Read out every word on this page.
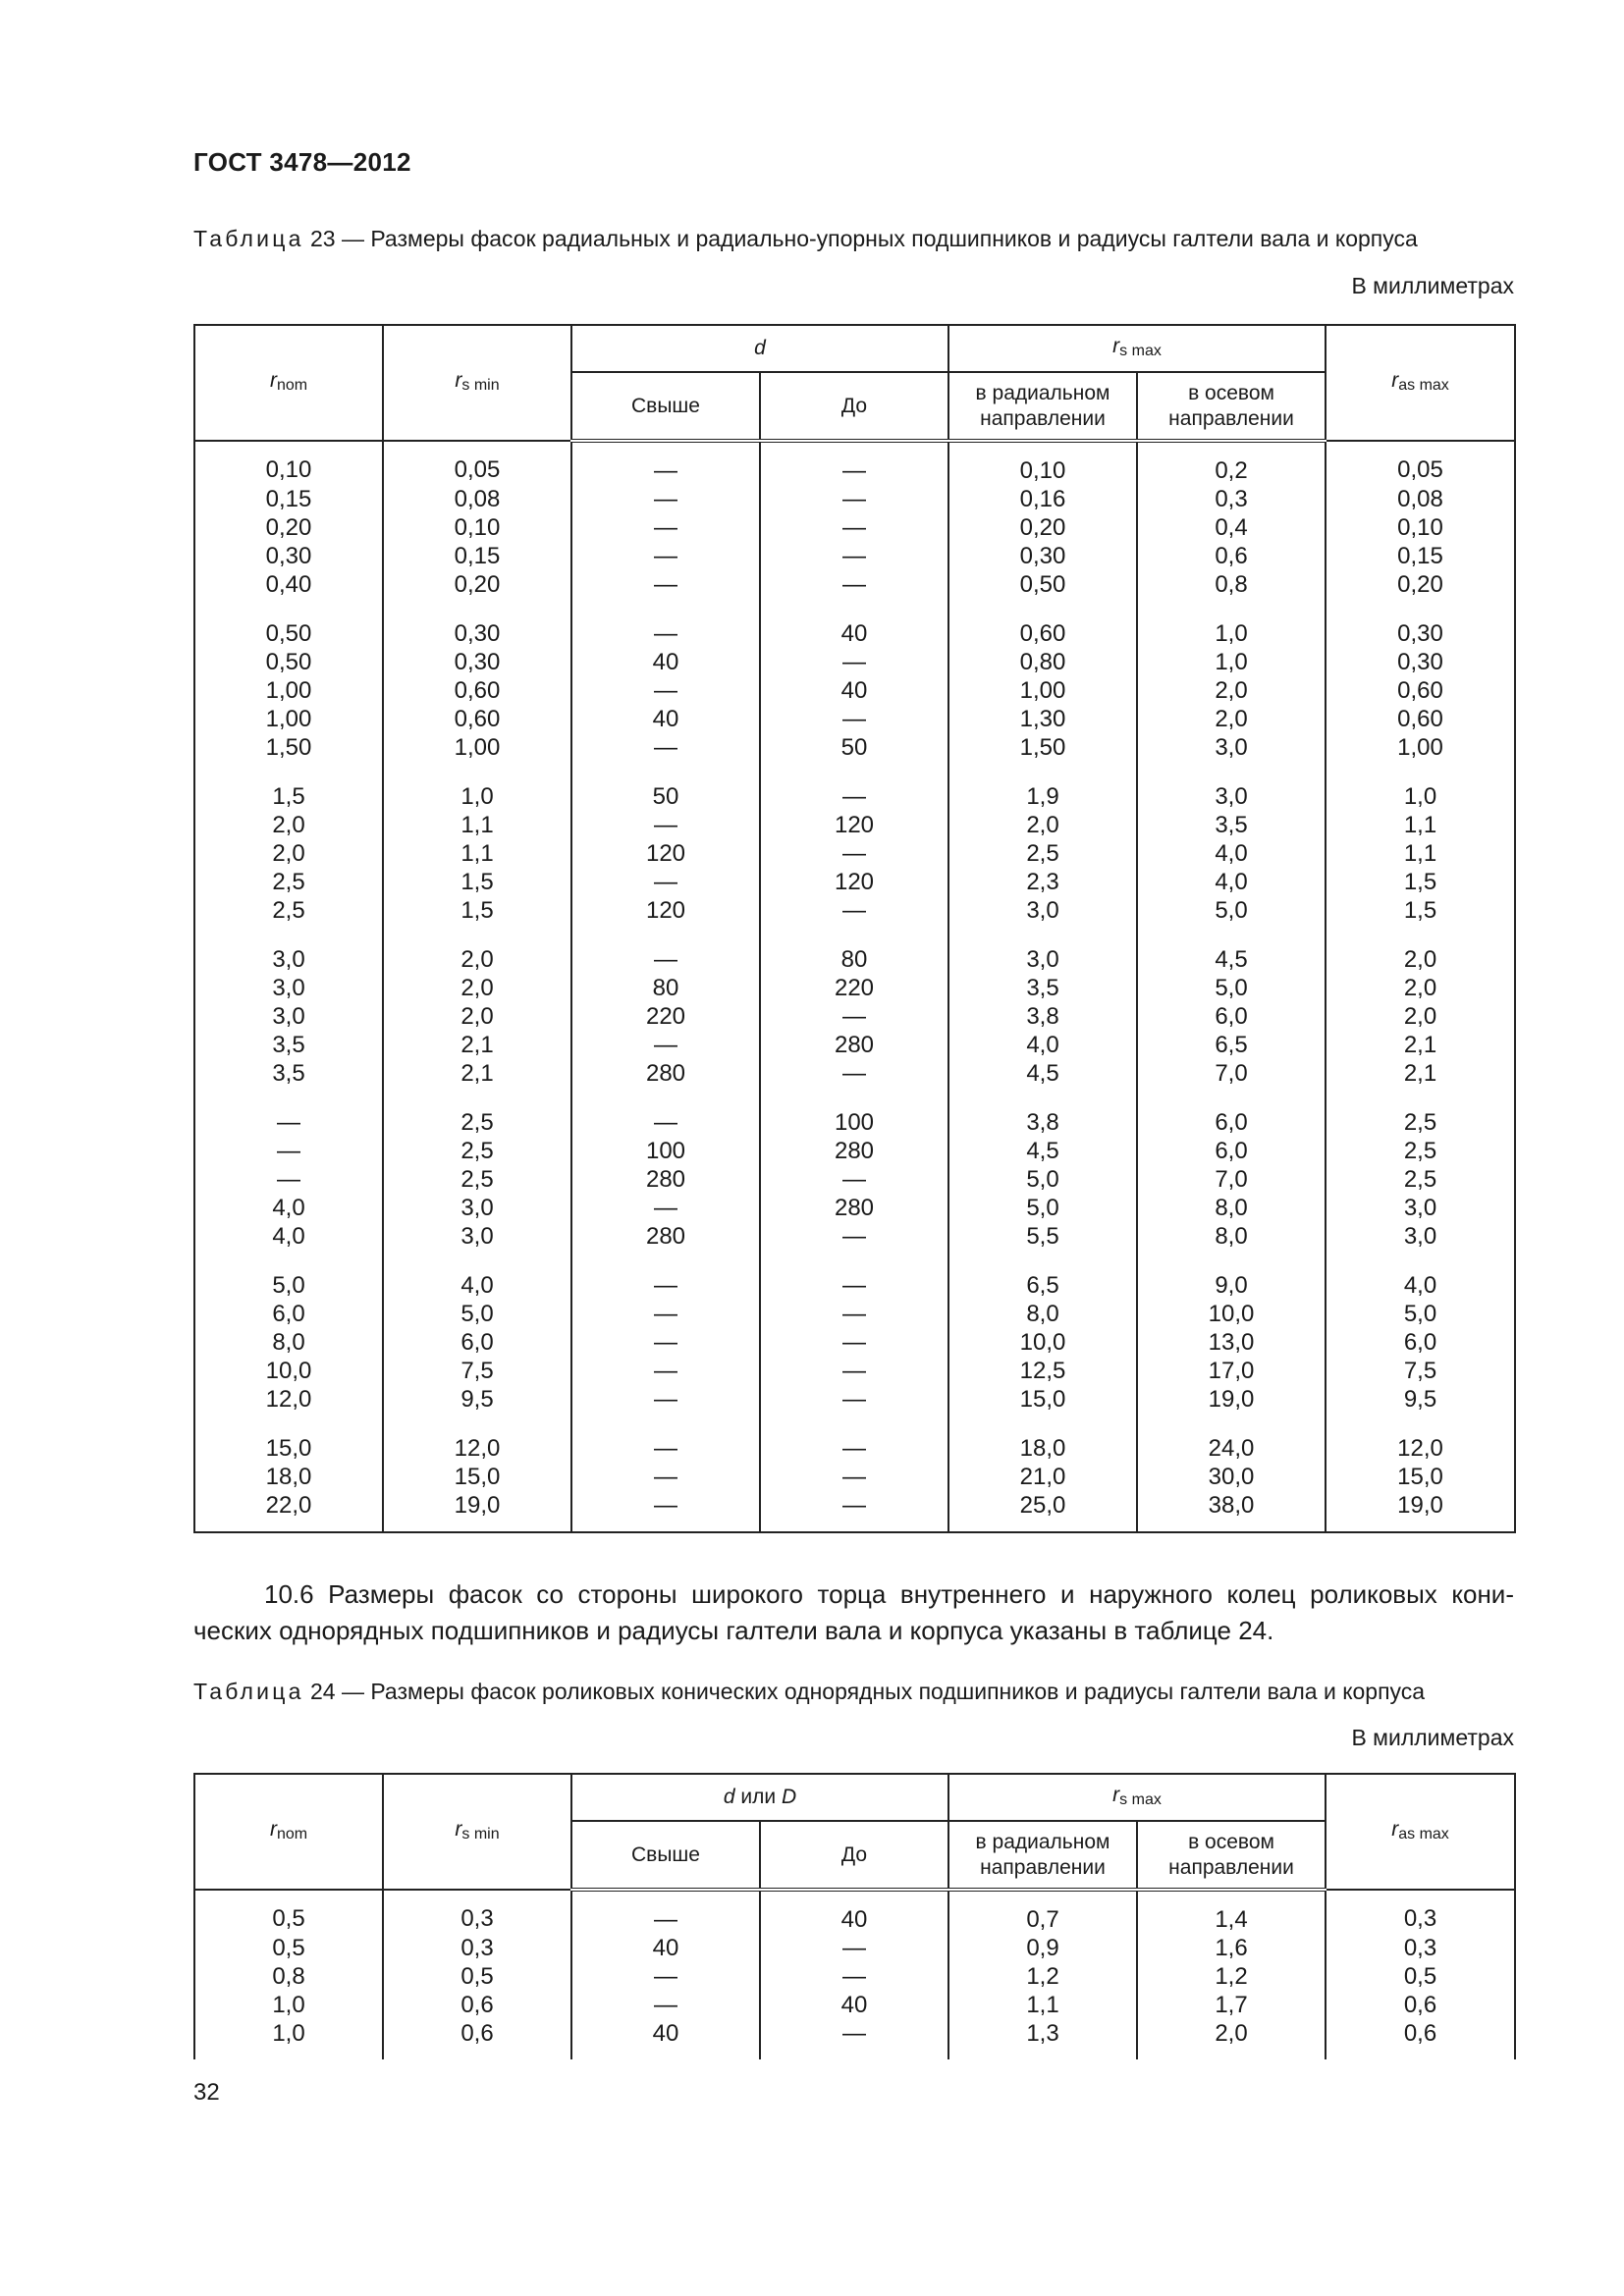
ГОСТ 3478—2012
Таблица 23 — Размеры фасок радиальных и радиально-упорных подшипников и радиусы галтели вала и корпуса
В миллиметрах
rnom	rs min	d		rs max		ras max
		Свыше	До	в радиальном направлении	в осевом направлении	
0,10	0,05	—	—	0,10	0,2	0,05
0,15	0,08	—	—	0,16	0,3	0,08
0,20	0,10	—	—	0,20	0,4	0,10
0,30	0,15	—	—	0,30	0,6	0,15
0,40	0,20	—	—	0,50	0,8	0,20
0,50	0,30	—	40	0,60	1,0	0,30
0,50	0,30	40	—	0,80	1,0	0,30
1,00	0,60	—	40	1,00	2,0	0,60
1,00	0,60	40	—	1,30	2,0	0,60
1,50	1,00	—	50	1,50	3,0	1,00
1,5	1,0	50	—	1,9	3,0	1,0
2,0	1,1	—	120	2,0	3,5	1,1
2,0	1,1	120	—	2,5	4,0	1,1
2,5	1,5	—	120	2,3	4,0	1,5
2,5	1,5	120	—	3,0	5,0	1,5
3,0	2,0	—	80	3,0	4,5	2,0
3,0	2,0	80	220	3,5	5,0	2,0
3,0	2,0	220	—	3,8	6,0	2,0
3,5	2,1	—	280	4,0	6,5	2,1
3,5	2,1	280	—	4,5	7,0	2,1
—	2,5	—	100	3,8	6,0	2,5
—	2,5	100	280	4,5	6,0	2,5
—	2,5	280	—	5,0	7,0	2,5
4,0	3,0	—	280	5,0	8,0	3,0
4,0	3,0	280	—	5,5	8,0	3,0
5,0	4,0	—	—	6,5	9,0	4,0
6,0	5,0	—	—	8,0	10,0	5,0
8,0	6,0	—	—	10,0	13,0	6,0
10,0	7,5	—	—	12,5	17,0	7,5
12,0	9,5	—	—	15,0	19,0	9,5
15,0	12,0	—	—	18,0	24,0	12,0
18,0	15,0	—	—	21,0	30,0	15,0
22,0	19,0	—	—	25,0	38,0	19,0

10.6 Размеры фасок со стороны широкого торца внутреннего и наружного колец роликовых кони-

ческих однорядных подшипников и радиусы галтели вала и корпуса указаны в таблице 24.

Таблица 24 — Размеры фасок роликовых конических однорядных подшипников и радиусы галтели вала и корпуса
В миллиметрах
rnom	rs min	d или D		rs max		ras max
		Свыше	До	в радиальном направлении	в осевом направлении	
0,5	0,3	—	40	0,7	1,4	0,3
0,5	0,3	40	—	0,9	1,6	0,3
0,8	0,5	—	—	1,2	1,2	0,5
1,0	0,6	—	40	1,1	1,7	0,6
1,0	0,6	40	—	1,3	2,0	0,6
32
